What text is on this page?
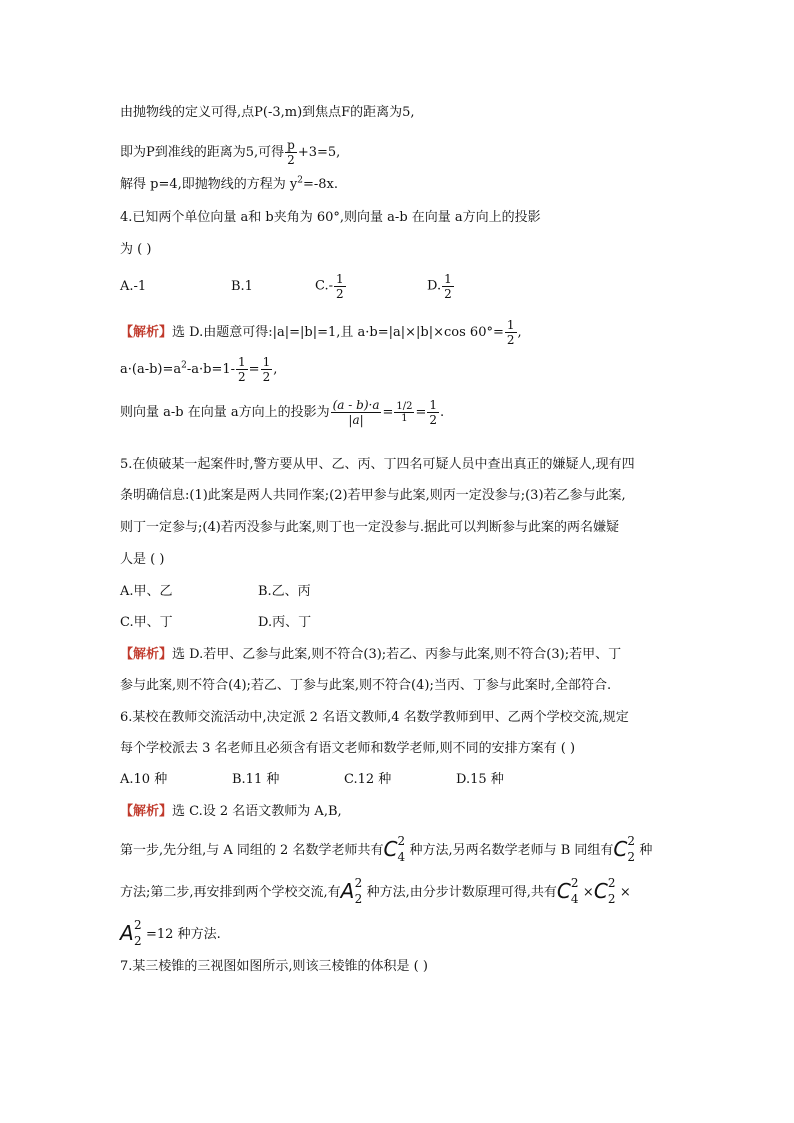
由抛物线的定义可得,点P(-3,m)到焦点F的距离为5,
即为P到准线的距离为5,可得 $\frac{p}{2} +3=5$,
解得 p=4,即抛物线的方程为 $y^2=-8x$.
4.已知两个单位向量 a和 b夹角为 60°,则向量 a-b 在向量 a方向上的投影
为 ( )
A.-1	B.1	$C.- \frac{1}{2}$	D. $\frac{1}{2}$
【解析】选 D.由题意可得:|a|=|b|=1,且 a·b=|a|×|b|×cos $60^\circ= \frac{1}{2}$ ,
$a\cdot(a-b)=a^2-a\cdot b=1- \frac{1}{2} = \frac{1}{2}$ ,
则向量 a-b 在向量 a方向上的投影为 $\frac{(a - b)\cdot a}{|a|} = \frac{1/2}{1} = \frac{1}{2}$ .
5.在侦破某一起案件时,警方要从甲、乙、丙、丁四名可疑人员中查出真正的嫌疑人,现有四
条明确信息:(1)此案是两人共同作案;(2)若甲参与此案,则丙一定没参与;(3)若乙参与此案,
则丁一定参与;(4)若丙没参与此案,则丁也一定没参与.据此可以判断参与此案的两名嫌疑
人是 ( )
A.甲、乙	B.乙、丙
C.甲、丁	D.丙、丁
【解析】选 D.若甲、乙参与此案,则不符合(3);若乙、丙参与此案,则不符合(3);若甲、丁
参与此案,则不符合(4);若乙、丁参与此案,则不符合(4);当丙、丁参与此案时,全部符合.
6.某校在教师交流活动中,决定派 2 名语文教师,4 名数学教师到甲、乙两个学校交流,规定
每个学校派去 3 名老师且必须含有语文老师和数学老师,则不同的安排方案有 ( )
A.10 种	B.11 种	C.12 种	D.15 种
【解析】选 C.设 2 名语文教师为 A,B,
第一步,先分组,与 A 同组的 2 名数学老师共有C 2
4 种方法,另两名数学老师与 B 同组有C 2
2 种
方法;第二步,再安排到两个学校交流,有A 2
2 种方法,由分步计数原理可得,共有C 2
4 ×C 2
2 ×
A 2
2 =12 种方法.
7.某三棱锥的三视图如图所示,则该三棱锥的体积是 ( )
